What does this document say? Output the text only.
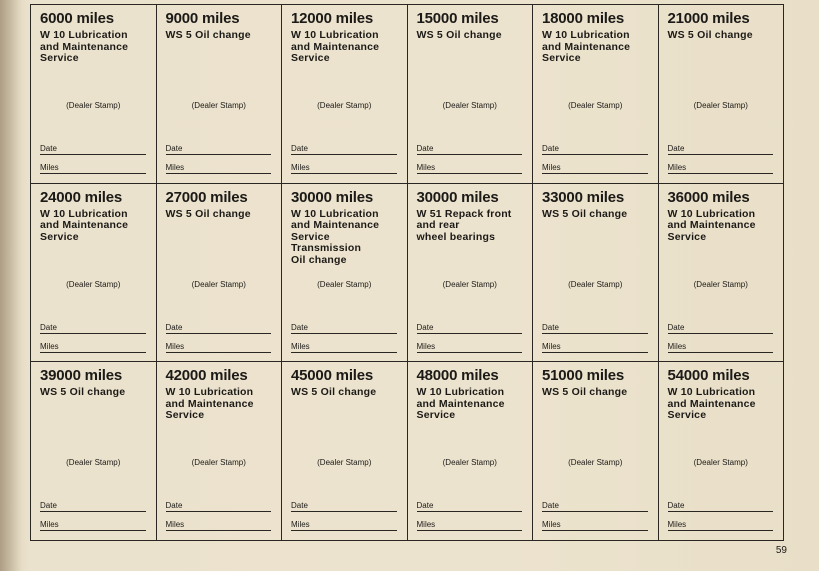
6000 miles
W 10 Lubrication
and Maintenance
Service
(Dealer Stamp)
Date
Miles
9000 miles
WS 5 Oil change
(Dealer Stamp)
Date
Miles
12000 miles
W 10 Lubrication
and Maintenance
Service
(Dealer Stamp)
Date
Miles
15000 miles
WS 5 Oil change
(Dealer Stamp)
Date
Miles
18000 miles
W 10 Lubrication
and Maintenance
Service
(Dealer Stamp)
Date
Miles
21000 miles
WS 5 Oil change
(Dealer Stamp)
Date
Miles
24000 miles
W 10 Lubrication
and Maintenance
Service
(Dealer Stamp)
Date
Miles
27000 miles
WS 5 Oil change
(Dealer Stamp)
Date
Miles
30000 miles
W 10 Lubrication
and Maintenance
Service
Transmission
Oil change
(Dealer Stamp)
Date
Miles
30000 miles
W 51 Repack front
and rear
wheel bearings
(Dealer Stamp)
Date
Miles
33000 miles
WS 5 Oil change
(Dealer Stamp)
Date
Miles
36000 miles
W 10 Lubrication
and Maintenance
Service
(Dealer Stamp)
Date
Miles
39000 miles
WS 5 Oil change
(Dealer Stamp)
Date
Miles
42000 miles
W 10 Lubrication
and Maintenance
Service
(Dealer Stamp)
Date
Miles
45000 miles
WS 5 Oil change
(Dealer Stamp)
Date
Miles
48000 miles
W 10 Lubrication
and Maintenance
Service
(Dealer Stamp)
Date
Miles
51000 miles
WS 5 Oil change
(Dealer Stamp)
Date
Miles
54000 miles
W 10 Lubrication
and Maintenance
Service
(Dealer Stamp)
Date
Miles
59
